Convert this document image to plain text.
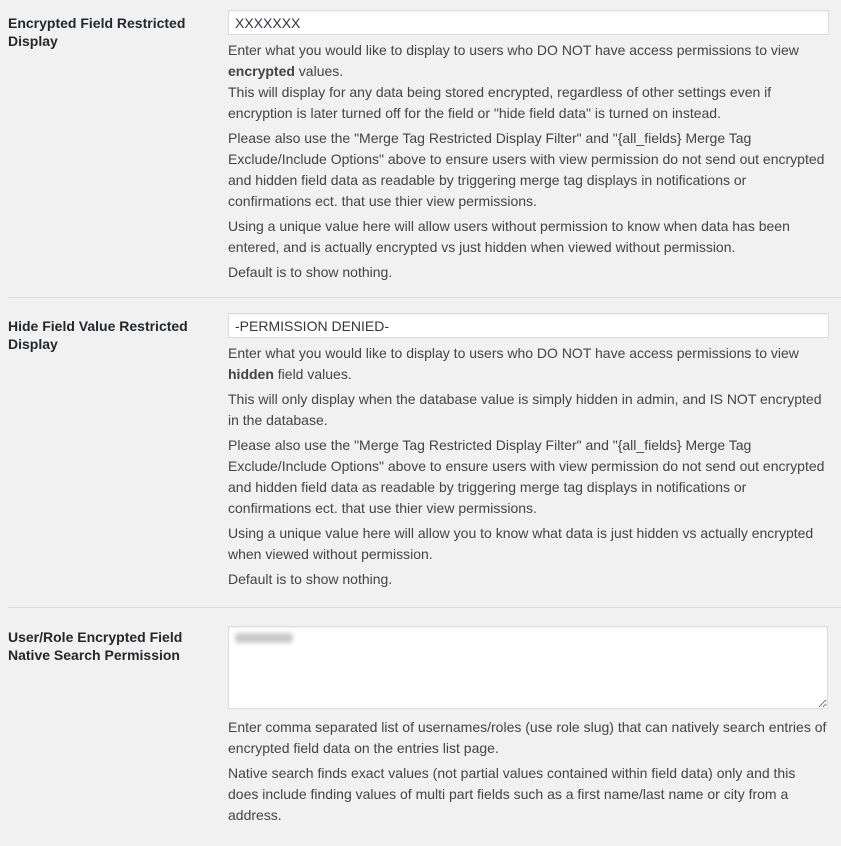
Encrypted Field Restricted Display
XXXXXXX

Enter what you would like to display to users who DO NOT have access permissions to view encrypted values.

This will display for any data being stored encrypted, regardless of other settings even if encryption is later turned off for the field or "hide field data" is turned on instead.

Please also use the "Merge Tag Restricted Display Filter" and "{all_fields} Merge Tag Exclude/Include Options" above to ensure users with view permission do not send out encrypted and hidden field data as readable by triggering merge tag displays in notifications or confirmations ect. that use thier view permissions.

Using a unique value here will allow users without permission to know when data has been entered, and is actually encrypted vs just hidden when viewed without permission.

Default is to show nothing.

Hide Field Value Restricted Display
-PERMISSION DENIED-

Enter what you would like to display to users who DO NOT have access permissions to view hidden field values.

This will only display when the database value is simply hidden in admin, and IS NOT encrypted in the database.

Please also use the "Merge Tag Restricted Display Filter" and "{all_fields} Merge Tag Exclude/Include Options" above to ensure users with view permission do not send out encrypted and hidden field data as readable by triggering merge tag displays in notifications or confirmations ect. that use thier view permissions.

Using a unique value here will allow you to know what data is just hidden vs actually encrypted when viewed without permission.

Default is to show nothing.

User/Role Encrypted Field Native Search Permission

Enter comma separated list of usernames/roles (use role slug) that can natively search entries of encrypted field data on the entries list page.

Native search finds exact values (not partial values contained within field data) only and this does include finding values of multi part fields such as a first name/last name or city from a address.
